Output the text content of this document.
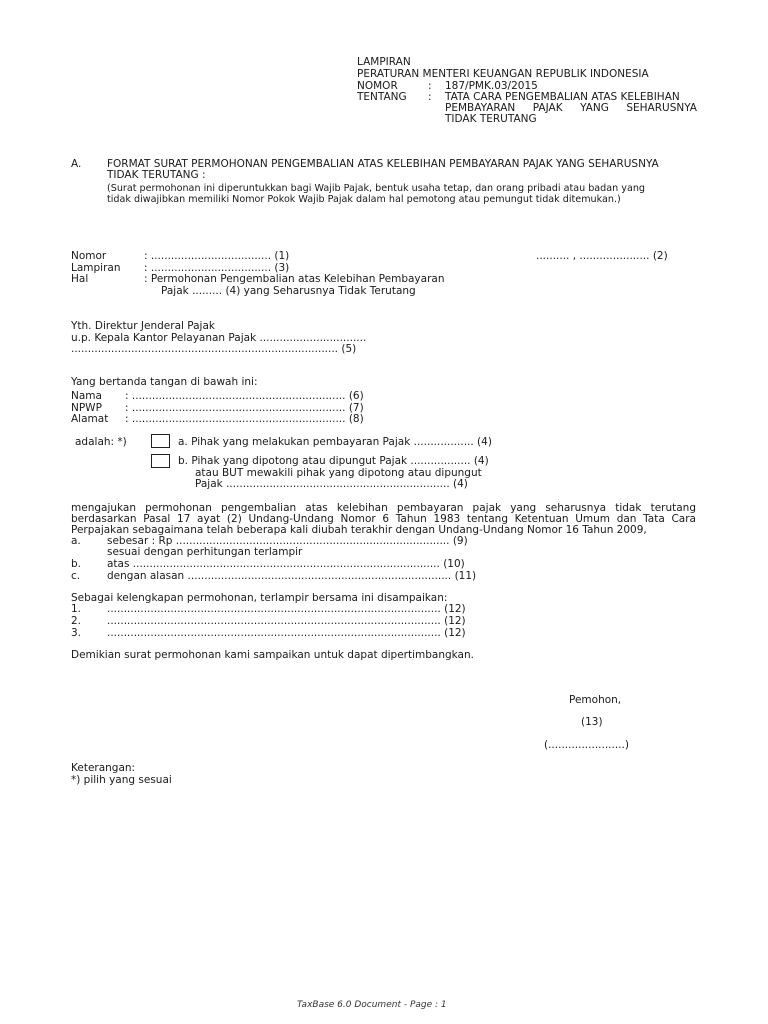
LAMPIRAN
PERATURAN MENTERI KEUANGAN REPUBLIK INDONESIA
NOMOR	: 187/PMK.03/2015
TENTANG : TATA CARA PENGEMBALIAN ATAS KELEBIHAN
PEMBAYARAN PAJAK YANG SEHARUSNYA
TIDAK TERUTANG
A. FORMAT SURAT PERMOHONAN PENGEMBALIAN ATAS KELEBIHAN PEMBAYARAN PAJAK YANG SEHARUSNYA
TIDAK TERUTANG :
(Surat permohonan ini diperuntukkan bagi Wajib Pajak, bentuk usaha tetap, dan orang pribadi atau badan yang
tidak diwajibkan memiliki Nomor Pokok Wajib Pajak dalam hal pemotong atau pemungut tidak ditemukan.)
Nomor	: .................................... (1)	.......... , ..................... (2)
Lampiran : .................................... (3)
Hal	: Permohonan Pengembalian atas Kelebihan Pembayaran
Pajak ......... (4) yang Seharusnya Tidak Terutang
Yth. Direktur Jenderal Pajak
u.p. Kepala Kantor Pelayanan Pajak ................................
................................................................................ (5)
Yang bertanda tangan di bawah ini:
Nama : ................................................................ (6)
NPWP : ................................................................ (7)
Alamat : ................................................................ (8)
adalah: *)	a. Pihak yang melakukan pembayaran Pajak .................. (4)
b. Pihak yang dipotong atau dipungut Pajak .................. (4)
atau BUT mewakili pihak yang dipotong atau dipungut
Pajak ................................................................... (4)
mengajukan permohonan pengembalian atas kelebihan pembayaran pajak yang seharusnya tidak terutang
berdasarkan Pasal 17 ayat (2) Undang-Undang Nomor 6 Tahun 1983 tentang Ketentuan Umum dan Tata Cara
Perpajakan sebagaimana telah beberapa kali diubah terakhir dengan Undang-Undang Nomor 16 Tahun 2009,
a. sebesar : Rp .................................................................................. (9)
sesuai dengan perhitungan terlampir
b. atas ............................................................................................ (10)
c.	dengan alasan ............................................................................... (11)
Sebagai kelengkapan permohonan, terlampir bersama ini disampaikan:
1. .................................................................................................... (12)
2. .................................................................................................... (12)
3. .................................................................................................... (12)
Demikian surat permohonan kami sampaikan untuk dapat dipertimbangkan.
Pemohon,
(13)
(.......................)
Keterangan:
*) pilih yang sesuai
TaxBase 6.0 Document - Page : 1
